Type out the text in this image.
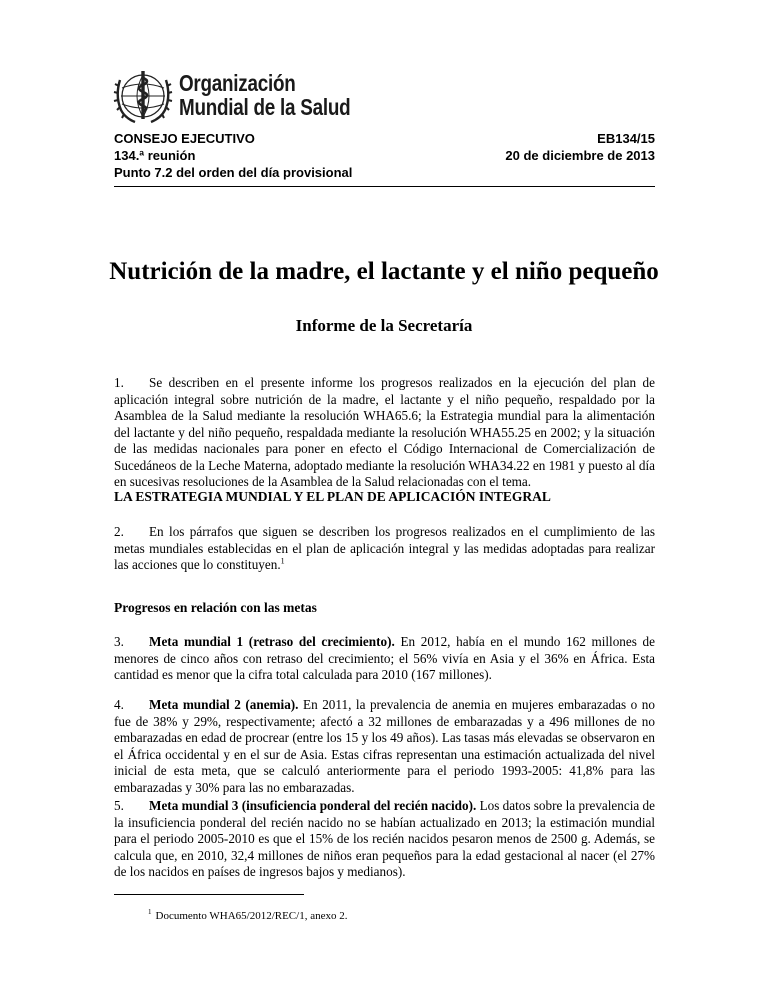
Organización
Mundial de la Salud
CONSEJO EJECUTIVO
134.ª reunión
Punto 7.2 del orden del día provisional
EB134/15
20 de diciembre de 2013
Nutrición de la madre, el lactante y el niño pequeño
Informe de la Secretaría
1. Se describen en el presente informe los progresos realizados en la ejecución del plan de aplicación integral sobre nutrición de la madre, el lactante y el niño pequeño, respaldado por la Asamblea de la Salud mediante la resolución WHA65.6; la Estrategia mundial para la alimentación del lactante y del niño pequeño, respaldada mediante la resolución WHA55.25 en 2002; y la situación de las medidas nacionales para poner en efecto el Código Internacional de Comercialización de Sucedáneos de la Leche Materna, adoptado mediante la resolución WHA34.22 en 1981 y puesto al día en sucesivas resoluciones de la Asamblea de la Salud relacionadas con el tema.
LA ESTRATEGIA MUNDIAL Y EL PLAN DE APLICACIÓN INTEGRAL
2. En los párrafos que siguen se describen los progresos realizados en el cumplimiento de las metas mundiales establecidas en el plan de aplicación integral y las medidas adoptadas para realizar las acciones que lo constituyen.$^1$
Progresos en relación con las metas
3. Meta mundial 1 (retraso del crecimiento). En 2012, había en el mundo 162 millones de menores de cinco años con retraso del crecimiento; el 56% vivía en Asia y el 36% en África. Esta cantidad es menor que la cifra total calculada para 2010 (167 millones).
4. Meta mundial 2 (anemia). En 2011, la prevalencia de anemia en mujeres embarazadas o no fue de 38% y 29%, respectivamente; afectó a 32 millones de embarazadas y a 496 millones de no embarazadas en edad de procrear (entre los 15 y los 49 años). Las tasas más elevadas se observaron en el África occidental y en el sur de Asia. Estas cifras representan una estimación actualizada del nivel inicial de esta meta, que se calculó anteriormente para el periodo 1993-2005: 41,8% para las embarazadas y 30% para las no embarazadas.
5. Meta mundial 3 (insuficiencia ponderal del recién nacido). Los datos sobre la prevalencia de la insuficiencia ponderal del recién nacido no se habían actualizado en 2013; la estimación mundial para el periodo 2005-2010 es que el 15% de los recién nacidos pesaron menos de 2500 g. Además, se calcula que, en 2010, 32,4 millones de niños eran pequeños para la edad gestacional al nacer (el 27% de los nacidos en países de ingresos bajos y medianos).
$^1$ Documento WHA65/2012/REC/1, anexo 2.
